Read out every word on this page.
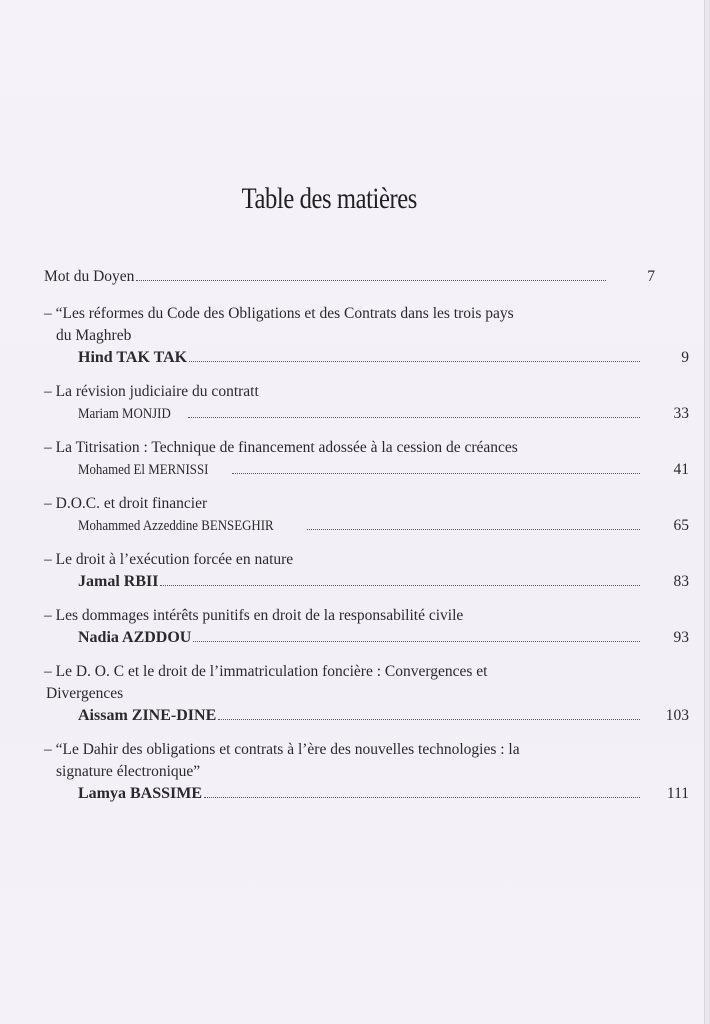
Table des matières
Mot du Doyen	7
– “Les réformes du Code des Obligations et des Contrats dans les trois pays
du Maghreb
Hind TAK TAK	9
– La révision judiciaire du contratt
Mariam MONJID	33
– La Titrisation : Technique de financement adossée à la cession de créances
Mohamed El MERNISSI	41
– D.O.C. et droit financier
Mohammed Azzeddine BENSEGHIR	65
– Le droit à l’exécution forcée en nature
Jamal RBII	83
– Les dommages intérêts punitifs en droit de la responsabilité civile
Nadia AZDDOU	93
– Le D. O. C et le droit de l’immatriculation foncière : Convergences et
Divergences
Aissam ZINE-DINE	103
– “Le Dahir des obligations et contrats à l’ère des nouvelles technologies : la
signature électronique”
Lamya BASSIME	111
